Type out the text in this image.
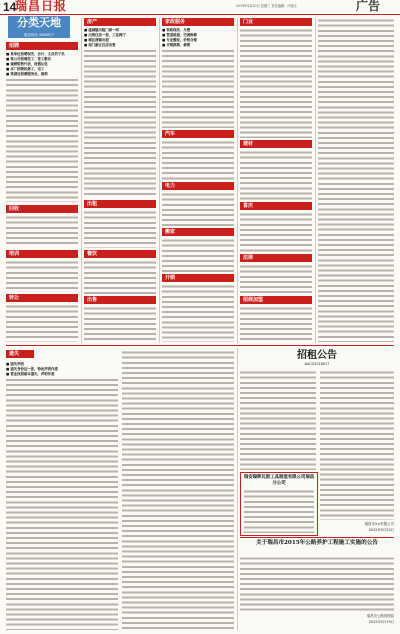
14
瑞昌日报	2015年5月20日 星期三 责任编辑：卢晓文	广告
分类天地
服务热线 4589877
招聘
■ 某单位招聘保安，会计、文员若干名
■ 某公司招聘技工、普工数名
■ 诚聘销售代表，待遇从优
■ 本厂招聘机修工、电工
■ 某酒店招聘服务员、厨师
回收
培训
转让
房产
■ 湓城镇出租门面一间
■ 出售住房一套，三室两厅
■ 城区商铺出租
■ 南门新区住房出售
出租
餐饮
出售
家政服务
■ 家政保洁、月嫂
■ 管道疏通、空调维修
■ 专业搬家，价格合理
■ 开锁换锁、修锁
汽车
电力
搬家
开锁
门业
建材
喜庆
法律
招商加盟
遗失
■ 遗失声明
■ 遗失身份证一张，特此声明作废
■ 营业执照副本遗失，声明作废
招租公告
AACG2016017
瑞昌市××有限公司
2015年5月20日
瑞安瑞晖瓦斯工具制造有限公司瑞昌分公司
关于瑞昌市2015年公路养护工程施工实施的公告
瑞昌市公路管理局
2015年5月19日
